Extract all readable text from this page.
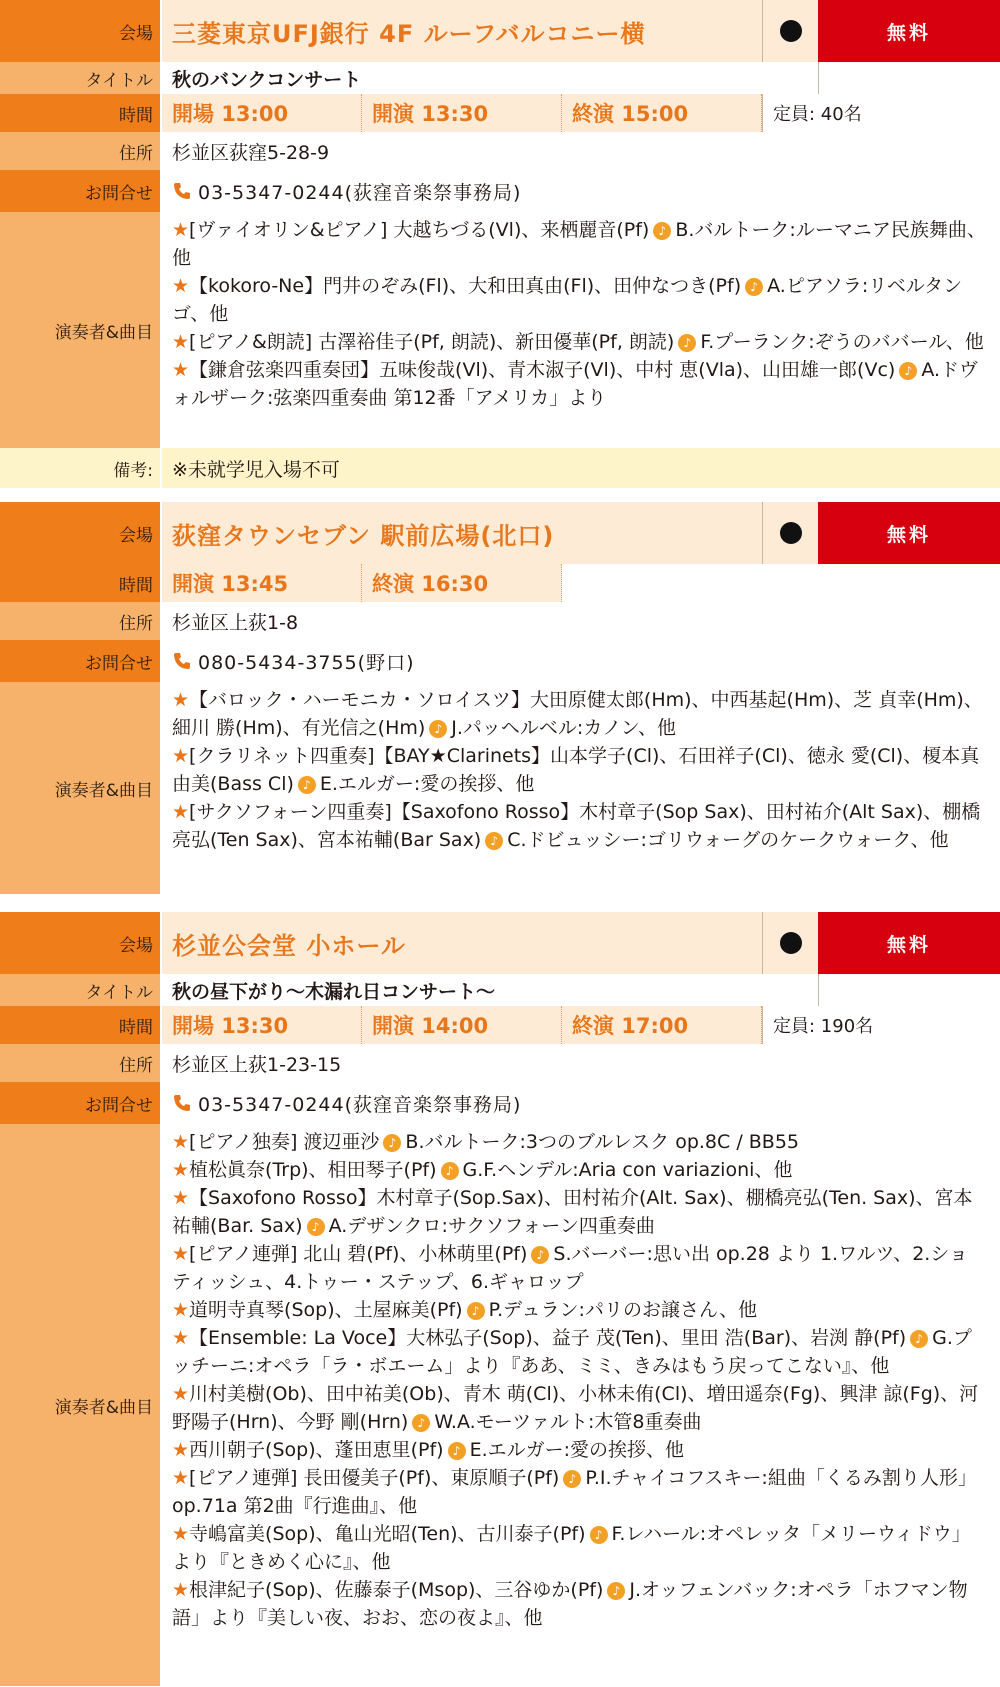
会場 三菱東京UFJ銀行 4F ルーフバルコニー横	無料
タイトル	秋のバンクコンサート
時間 開場 13:00	開演 13:30	終演 15:00	定員: 40名
住所	杉並区荻窪5-28-9
お問合せ	03-5347-0244(荻窪音楽祭事務局)
演奏者&曲目
★[ヴァイオリン&ピアノ] 大越ちづる(Vl)、来栖麗音(Pf) ♪ B.バルトーク:ルーマニア民族舞曲、他
★【kokoro-Ne】門井のぞみ(Fl)、大和田真由(Fl)、田仲なつき(Pf) ♪ A.ピアソラ:リベルタンゴ、他
★[ピアノ&朗読] 古澤裕佳子(Pf, 朗読)、新田優華(Pf, 朗読) ♪ F.プーランク:ぞうのババール、他
★【鎌倉弦楽四重奏団】五味俊哉(Vl)、青木淑子(Vl)、中村 恵(Vla)、山田雄一郎(Vc) ♪ A.ドヴォルザーク:弦楽四重奏曲 第12番「アメリカ」より
備考:	※未就学児入場不可
会場 荻窪タウンセブン 駅前広場(北口)	無料
時間 開演 13:45	終演 16:30
住所	杉並区上荻1-8
お問合せ	080-5434-3755(野口)
演奏者&曲目
★【バロック・ハーモニカ・ソロイスツ】大田原健太郎(Hm)、中西基起(Hm)、芝 貞幸(Hm)、細川 勝(Hm)、有光信之(Hm) ♪ J.パッヘルベル:カノン、他
★[クラリネット四重奏]【BAY★Clarinets】山本学子(Cl)、石田祥子(Cl)、徳永 愛(Cl)、榎本真由美(Bass Cl) ♪ E.エルガー:愛の挨拶、他
★[サクソフォーン四重奏]【Saxofono Rosso】木村章子(Sop Sax)、田村祐介(Alt Sax)、棚橋亮弘(Ten Sax)、宮本祐輔(Bar Sax) ♪ C.ドビュッシー:ゴリウォーグのケークウォーク、他
会場 杉並公会堂 小ホール	無料
タイトル	秋の昼下がり〜木漏れ日コンサート〜
時間 開場 13:30	開演 14:00	終演 17:00	定員: 190名
住所	杉並区上荻1-23-15
お問合せ	03-5347-0244(荻窪音楽祭事務局)
演奏者&曲目
★[ピアノ独奏] 渡辺亜沙 ♪ B.バルトーク:3つのブルレスク op.8C / BB55
★植松眞奈(Trp)、相田琴子(Pf) ♪ G.F.ヘンデル:Aria con variazioni、他
★【Saxofono Rosso】木村章子(Sop.Sax)、田村祐介(Alt. Sax)、棚橋亮弘(Ten. Sax)、宮本祐輔(Bar. Sax) ♪ A.デザンクロ:サクソフォーン四重奏曲
★[ピアノ連弾] 北山 碧(Pf)、小林萌里(Pf) ♪ S.バーバー:思い出 op.28 より 1.ワルツ、2.ショティッシュ、4.トゥー・ステップ、6.ギャロップ
★道明寺真琴(Sop)、土屋麻美(Pf) ♪ P.デュラン:パリのお譲さん、他
★【Ensemble: La Voce】大林弘子(Sop)、益子 茂(Ten)、里田 浩(Bar)、岩渕 静(Pf) ♪ G.プッチーニ:オペラ「ラ・ボエーム」より『ああ、ミミ、きみはもう戻ってこない』、他
★川村美樹(Ob)、田中祐美(Ob)、青木 萌(Cl)、小林未侑(Cl)、増田遥奈(Fg)、興津 諒(Fg)、河野陽子(Hrn)、今野 剛(Hrn) ♪ W.A.モーツァルト:木管8重奏曲
★西川朝子(Sop)、蓬田恵里(Pf) ♪ E.エルガー:愛の挨拶、他
★[ピアノ連弾] 長田優美子(Pf)、東原順子(Pf) ♪ P.I.チャイコフスキー:組曲「くるみ割り人形」op.71a 第2曲『行進曲』、他
★寺嶋富美(Sop)、亀山光昭(Ten)、古川泰子(Pf) ♪ F.レハール:オペレッタ「メリーウィドウ」より『ときめく心に』、他
★根津紀子(Sop)、佐藤泰子(Msop)、三谷ゆか(Pf) ♪ J.オッフェンバック:オペラ「ホフマン物語」より『美しい夜、おお、恋の夜よ』、他
